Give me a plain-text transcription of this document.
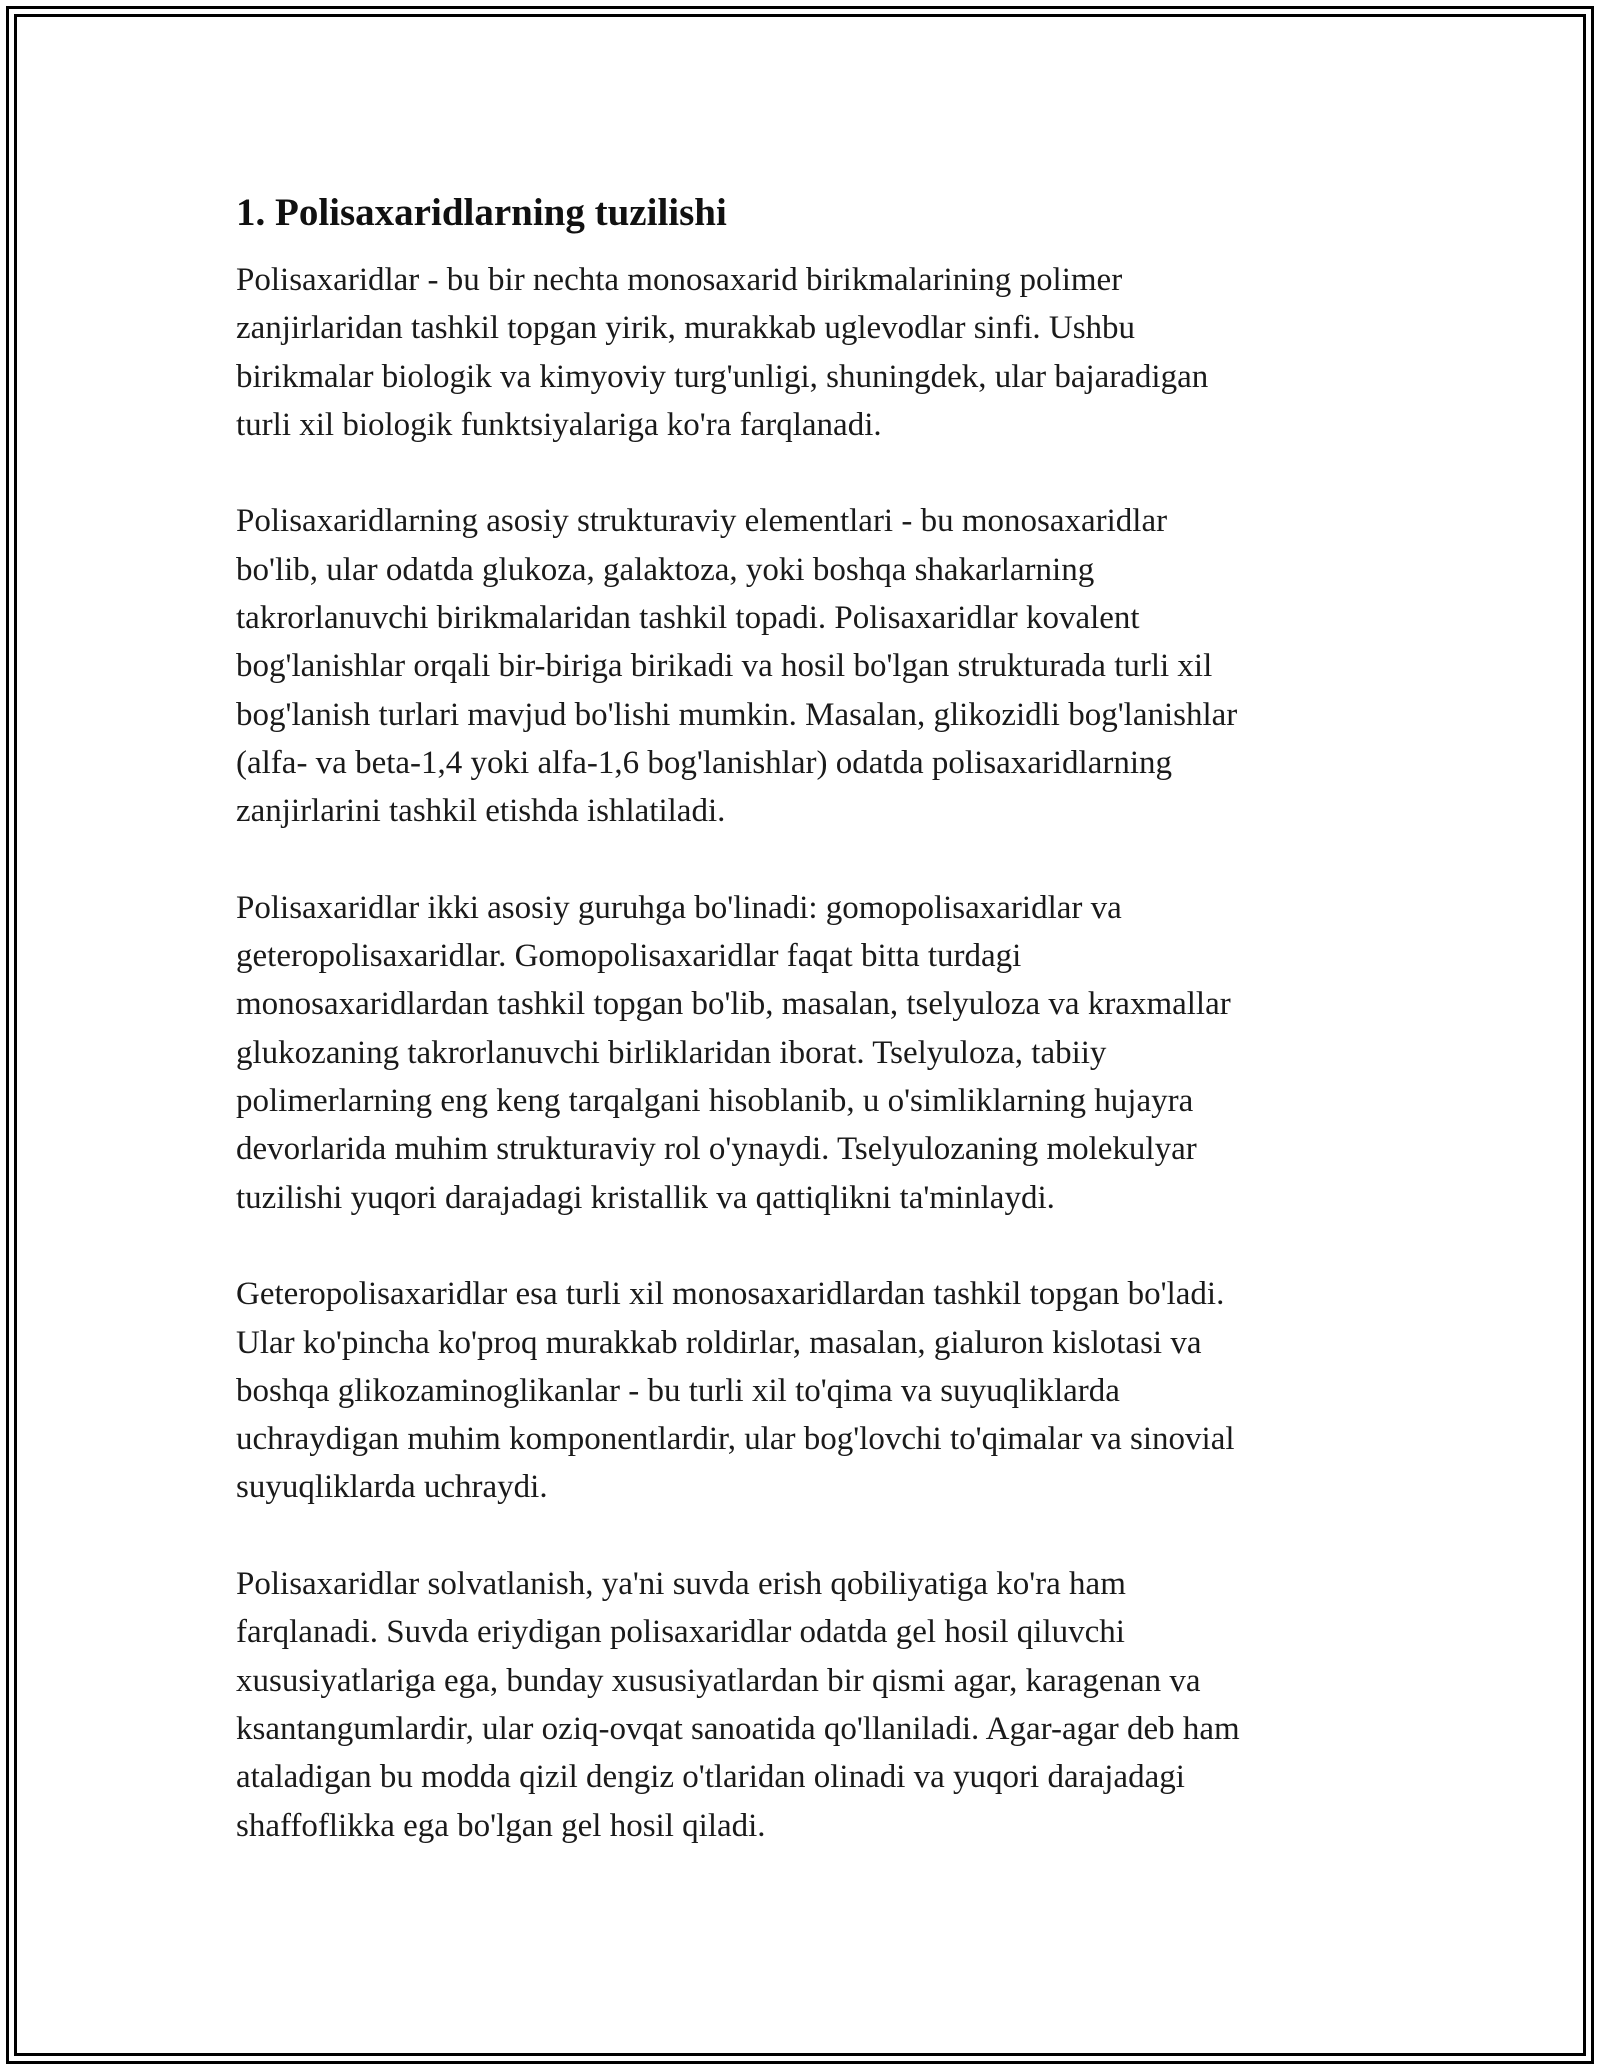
1. Polisaxaridlarning tuzilishi

Polisaxaridlar - bu bir nechta monosaxarid birikmalarining polimer
zanjirlaridan tashkil topgan yirik, murakkab uglevodlar sinfi. Ushbu
birikmalar biologik va kimyoviy turg'unligi, shuningdek, ular bajaradigan
turli xil biologik funktsiyalariga ko'ra farqlanadi.

Polisaxaridlarning asosiy strukturaviy elementlari - bu monosaxaridlar
bo'lib, ular odatda glukoza, galaktoza, yoki boshqa shakarlarning
takrorlanuvchi birikmalaridan tashkil topadi. Polisaxaridlar kovalent
bog'lanishlar orqali bir-biriga birikadi va hosil bo'lgan strukturada turli xil
bog'lanish turlari mavjud bo'lishi mumkin. Masalan, glikozidli bog'lanishlar
(alfa- va beta-1,4 yoki alfa-1,6 bog'lanishlar) odatda polisaxaridlarning
zanjirlarini tashkil etishda ishlatiladi.

Polisaxaridlar ikki asosiy guruhga bo'linadi: gomopolisaxaridlar va
geteropolisaxaridlar. Gomopolisaxaridlar faqat bitta turdagi
monosaxaridlardan tashkil topgan bo'lib, masalan, tselyuloza va kraxmallar
glukozaning takrorlanuvchi birliklaridan iborat. Tselyuloza, tabiiy
polimerlarning eng keng tarqalgani hisoblanib, u o'simliklarning hujayra
devorlarida muhim strukturaviy rol o'ynaydi. Tselyulozaning molekulyar
tuzilishi yuqori darajadagi kristallik va qattiqlikni ta'minlaydi.

Geteropolisaxaridlar esa turli xil monosaxaridlardan tashkil topgan bo'ladi.
Ular ko'pincha ko'proq murakkab roldirlar, masalan, gialuron kislotasi va
boshqa glikozaminoglikanlar - bu turli xil to'qima va suyuqliklarda
uchraydigan muhim komponentlardir, ular bog'lovchi to'qimalar va sinovial
suyuqliklarda uchraydi.

Polisaxaridlar solvatlanish, ya'ni suvda erish qobiliyatiga ko'ra ham
farqlanadi. Suvda eriydigan polisaxaridlar odatda gel hosil qiluvchi
xususiyatlariga ega, bunday xususiyatlardan bir qismi agar, karagenan va
ksantangumlardir, ular oziq-ovqat sanoatida qo'llaniladi. Agar-agar deb ham
ataladigan bu modda qizil dengiz o'tlaridan olinadi va yuqori darajadagi
shaffoflikka ega bo'lgan gel hosil qiladi.
